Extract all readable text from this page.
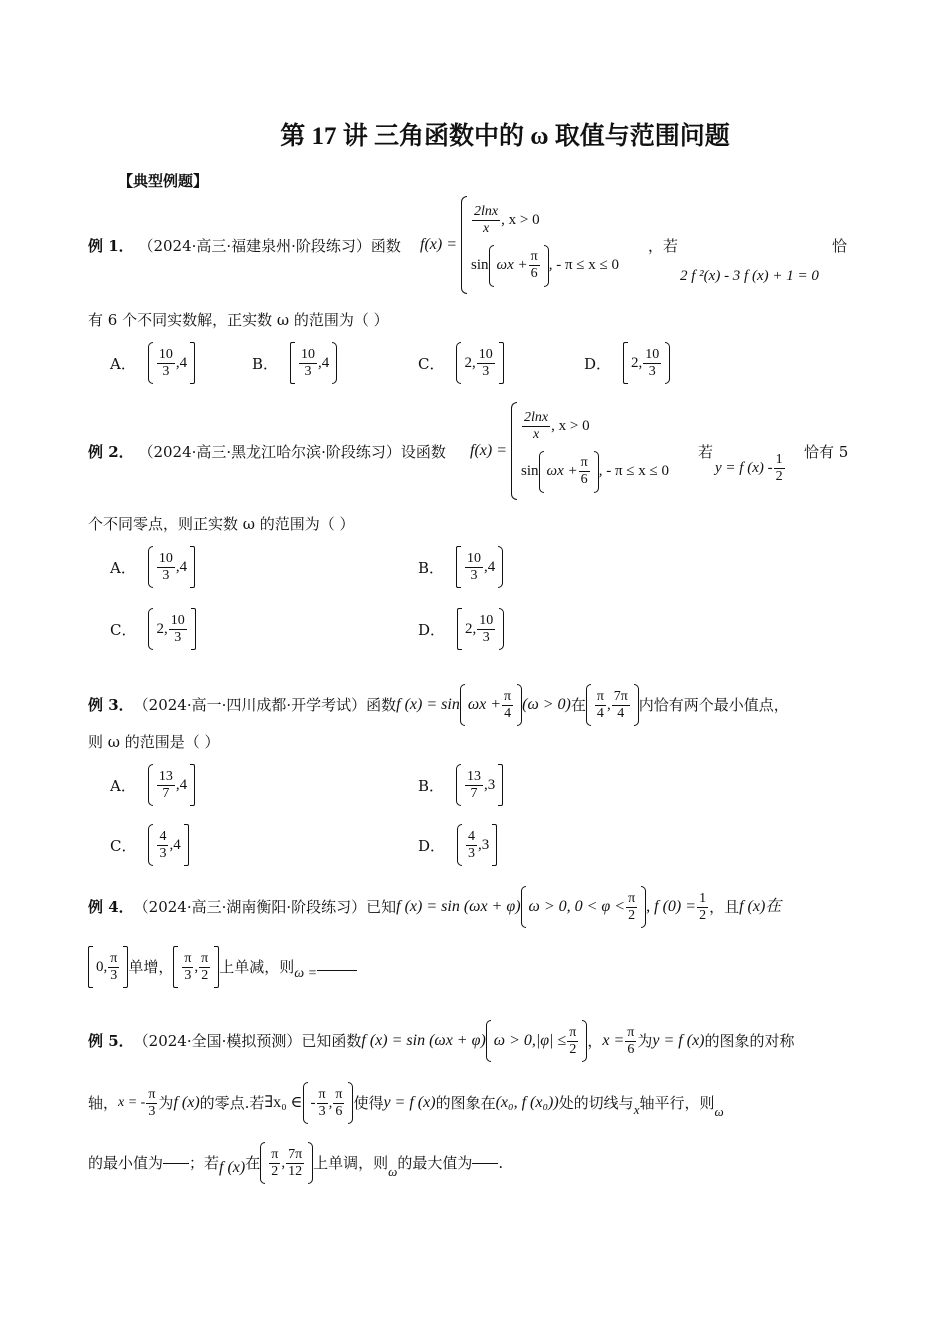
第 17 讲 三角函数中的 ω 取值与范围问题
【典型例题】
例 1． （2024·高三·福建泉州·阶段练习）函数 f(x) =
$\frac{2\ln x}{x}$ , x > 0
$\sin \omega x + \frac{\pi}{6}$ , - π ≤ x ≤ 0
，若	恰
2 f ²(x) - 3 f (x) + 1 = 0
有 6 个不同实数解，正实数 ω 的范围为（ ）
A． $\frac{10}{3} ,4$	B． $\frac{10}{3} ,4$	C． 2, $\frac{10}{3}$	D． 2, $\frac{10}{3}$
例 2． （2024·高三·黑龙江哈尔滨·阶段练习）设函数 f(x) =
$\frac{2\ln x}{x}$ , x > 0
$\sin \omega x + \frac{\pi}{6}$ , - π ≤ x ≤ 0
若
y = f $(x) - \frac{1}{2}$ 恰有 5
个不同零点，则正实数 ω 的范围为（ ）
A． $\frac{10}{3} ,4$	B． $\frac{10}{3} ,4$
C． 2, $\frac{10}{3}$	D． 2, $\frac{10}{3}$
例 3． （2024·高一·四川成都·开学考试）函数 f $(x) = \sin \omega x + \frac{\pi}{4} (\omega > 0)$ 在 $\frac{\pi}{4}$ , $\frac{7\pi}{4}$ 内恰有两个最小值点，
则 ω 的范围是（ ）
A． $\frac{13}{7} ,4$	B． $\frac{13}{7} ,3$
C． $\frac{4}{3} ,4$	D． $\frac{4}{3} ,3$
例 4． （2024·高三·湖南衡阳·阶段练习）已知 f (x) = sin (ωx + φ) ω > 0, $0 < \varphi < \frac{\pi}{2}$ , f $(0) = \frac{1}{2}$ ，且 f (x)在
0, $\frac{\pi}{3}$ 单增， $\frac{\pi}{3}$ , $\frac{\pi}{2}$ 上单减，则 ω =
例 5． （2024·全国·模拟预测）已知函数 f (x) = sin (ωx + φ) $\omega > 0,|\varphi| \le \frac{\pi}{2}$ ， $x = \frac{\pi}{6}$ 为 y = f (x) 的图象的对称
轴， x = - $\frac{\pi}{3}$ 为 f (x) 的零点.若 ∃x₀ ∈ - $\frac{\pi}{3}$ , $\frac{\pi}{6}$ 使得 y = f (x) 的图象在 (x₀, f (x₀)) 处的切线与 x 轴平行，则 ω
的最小值为 ；若 f (x) 在 $\frac{\pi}{2}$ , $\frac{7\pi}{12}$ 上单调，则 ω 的最大值为 .
